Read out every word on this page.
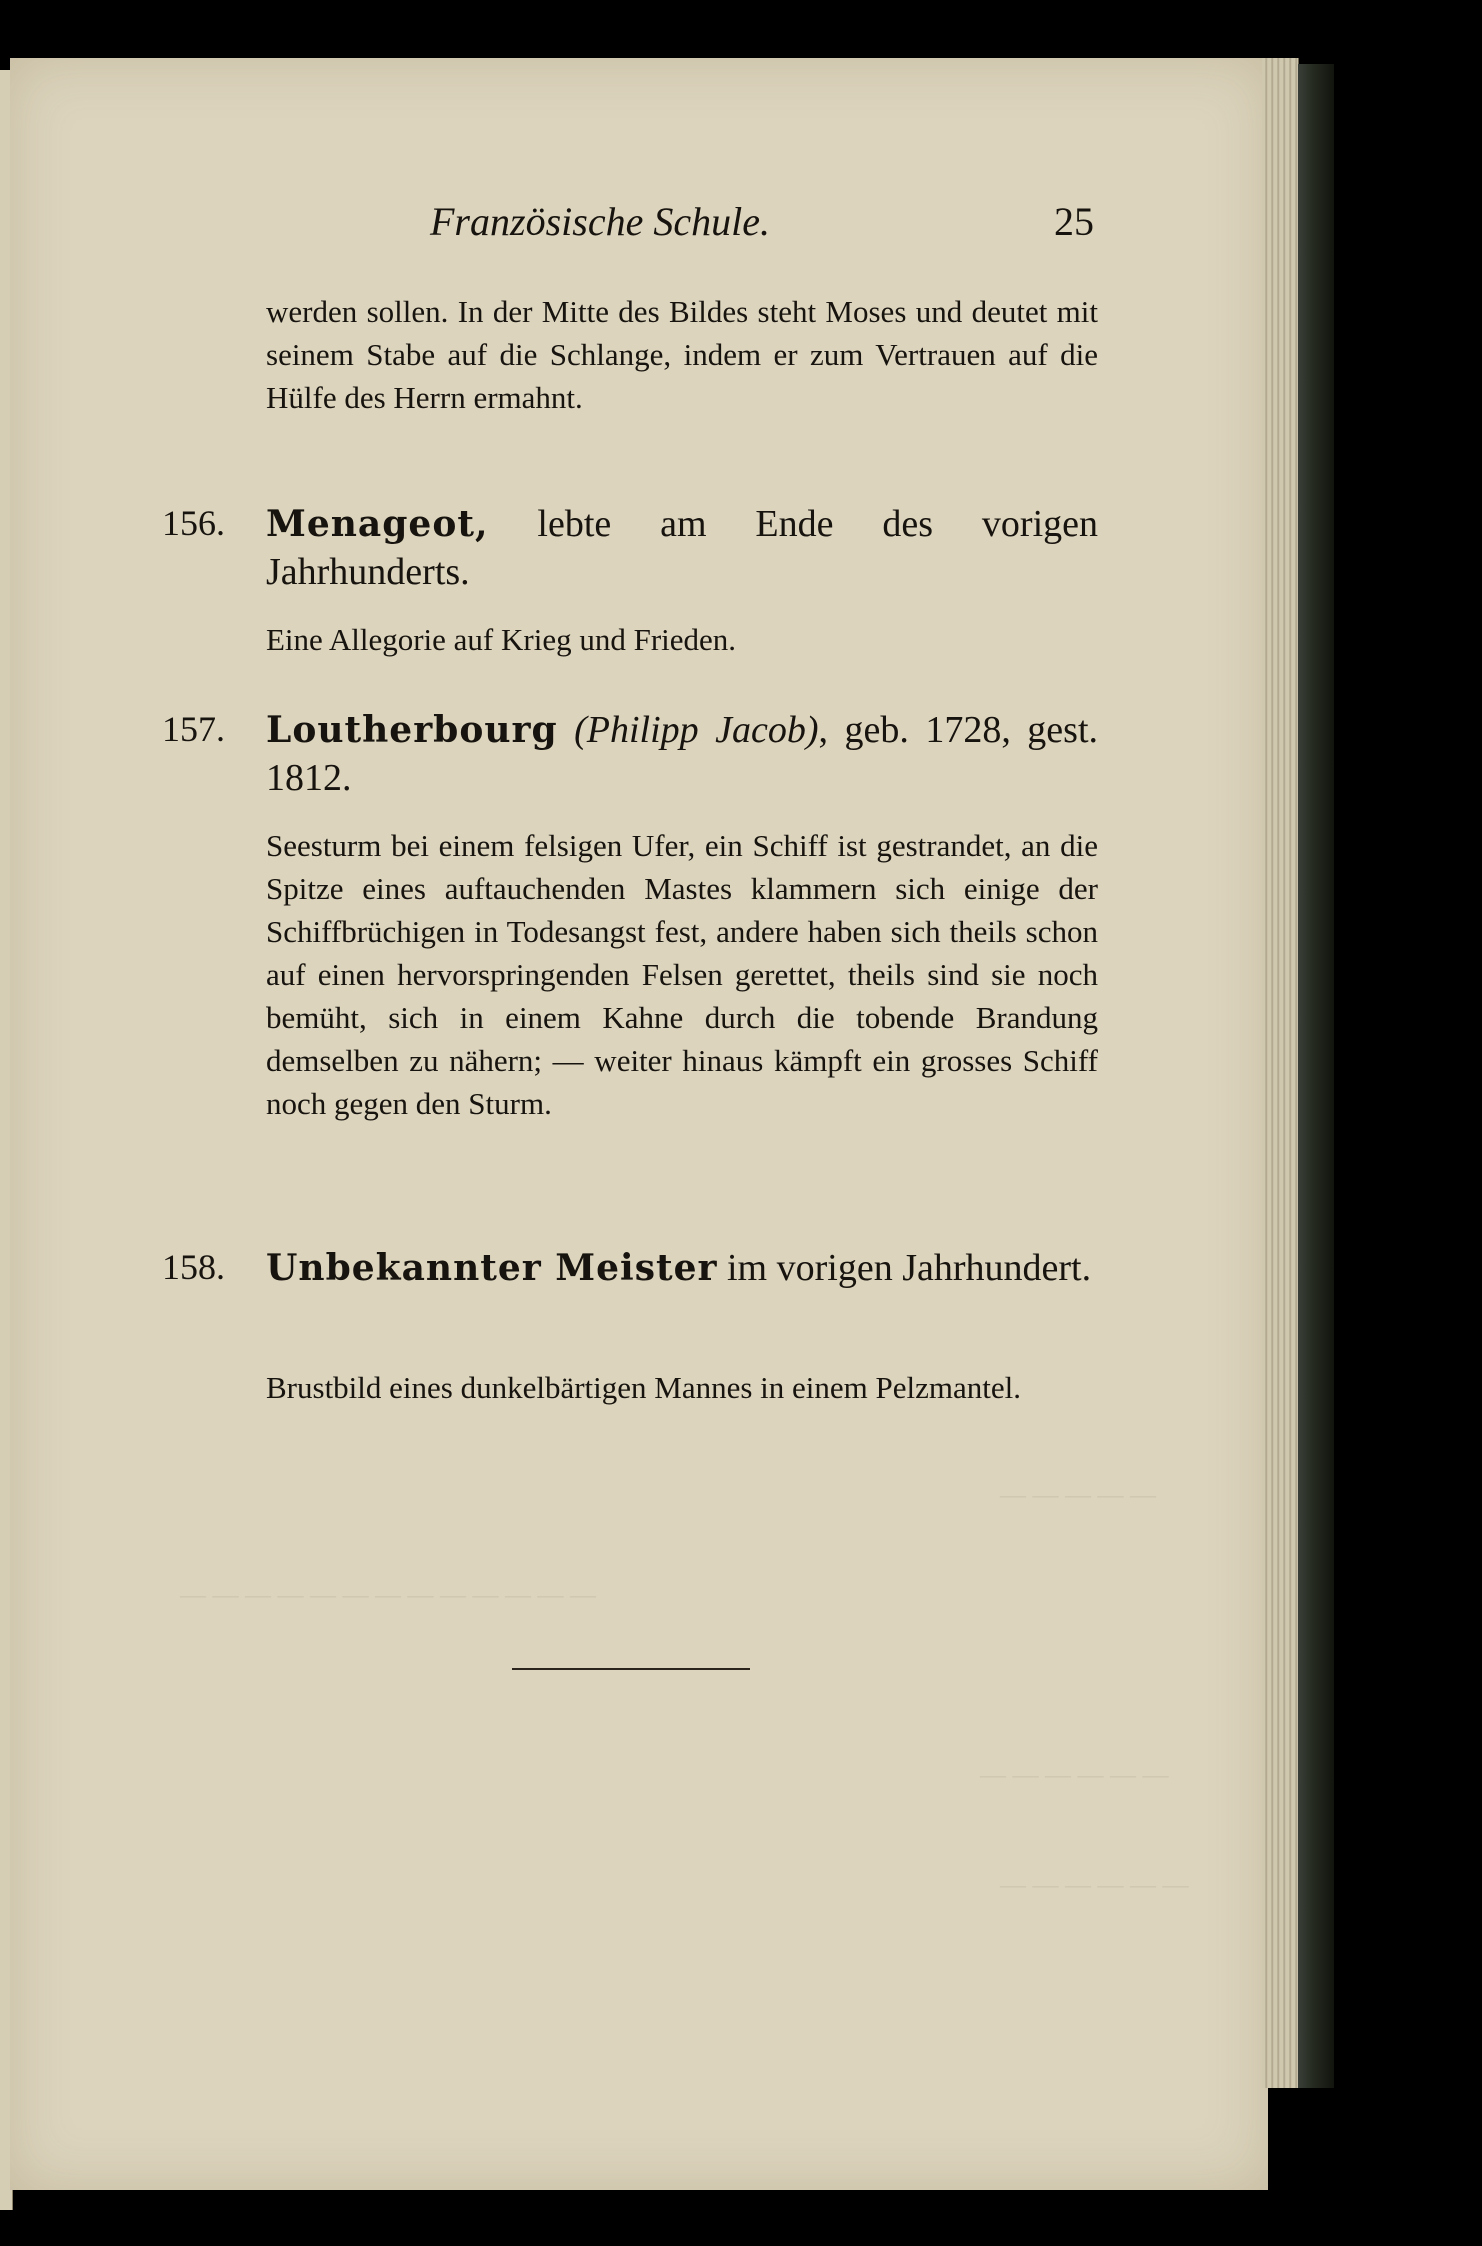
— — — — —
— — — — — — — — — — — — —
— — — — — —
— — — — — —
Französische Schule.	25
werden sollen. In der Mitte des Bildes steht Moses und deutet mit seinem Stabe auf die Schlange, indem er zum Vertrauen auf die Hülfe des Herrn ermahnt.
156. Menageot, lebte am Ende des vorigen Jahrhunderts.
Eine Allegorie auf Krieg und Frieden.
157. Loutherbourg (Philipp Jacob), geb. 1728, gest. 1812.
Seesturm bei einem felsigen Ufer, ein Schiff ist gestrandet, an die Spitze eines auftauchenden Mastes klammern sich einige der Schiffbrüchigen in Todesangst fest, andere haben sich theils schon auf einen hervorspringenden Felsen gerettet, theils sind sie noch bemüht, sich in einem Kahne durch die tobende Brandung demselben zu nähern; — weiter hinaus kämpft ein grosses Schiff noch gegen den Sturm.
158. Unbekannter Meister im vorigen Jahrhundert.
Brustbild eines dunkelbärtigen Mannes in einem Pelzmantel.
